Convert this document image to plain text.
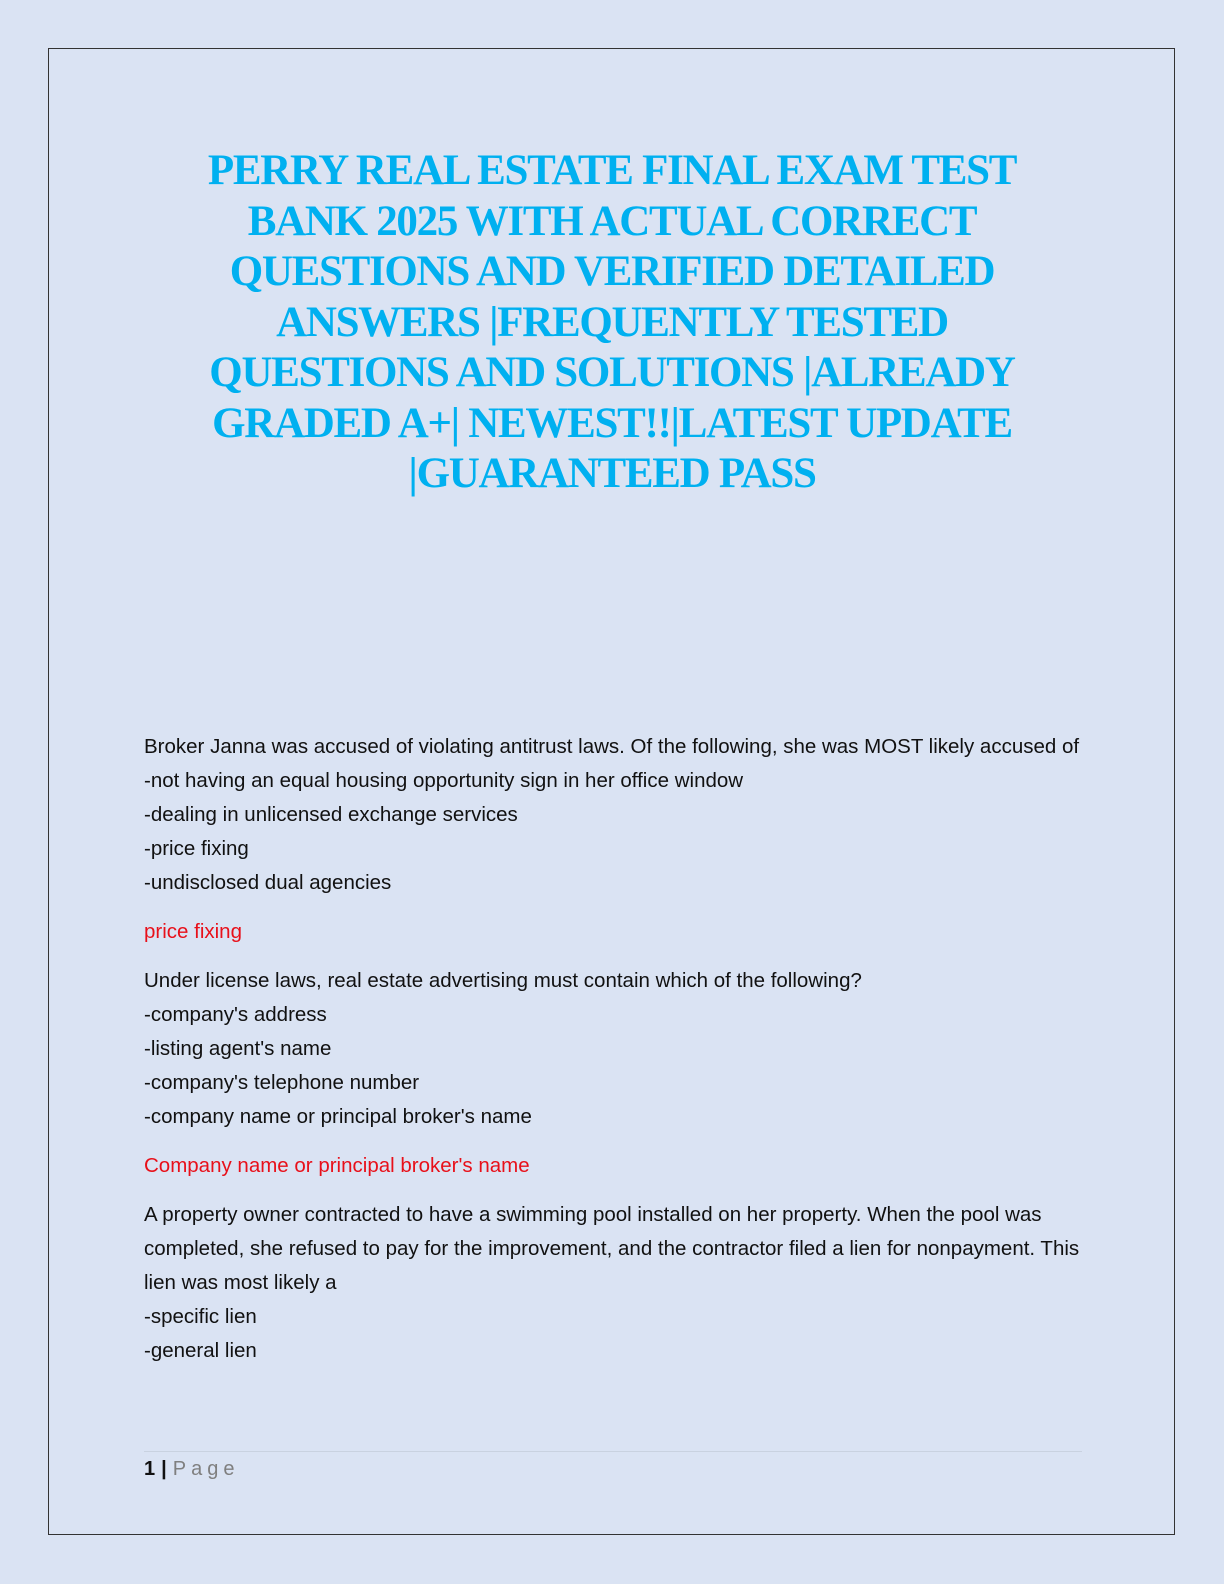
PERRY REAL ESTATE FINAL EXAM TEST BANK 2025 WITH ACTUAL CORRECT QUESTIONS AND VERIFIED DETAILED ANSWERS |FREQUENTLY TESTED QUESTIONS AND SOLUTIONS |ALREADY GRADED A+| NEWEST!!|LATEST UPDATE |GUARANTEED PASS
Broker Janna was accused of violating antitrust laws. Of the following, she was MOST likely accused of
-not having an equal housing opportunity sign in her office window
-dealing in unlicensed exchange services
-price fixing
-undisclosed dual agencies
price fixing
Under license laws, real estate advertising must contain which of the following?
-company's address
-listing agent's name
-company's telephone number
-company name or principal broker's name
Company name or principal broker's name
A property owner contracted to have a swimming pool installed on her property. When the pool was completed, she refused to pay for the improvement, and the contractor filed a lien for nonpayment. This lien was most likely a
-specific lien
-general lien
1 | Page
